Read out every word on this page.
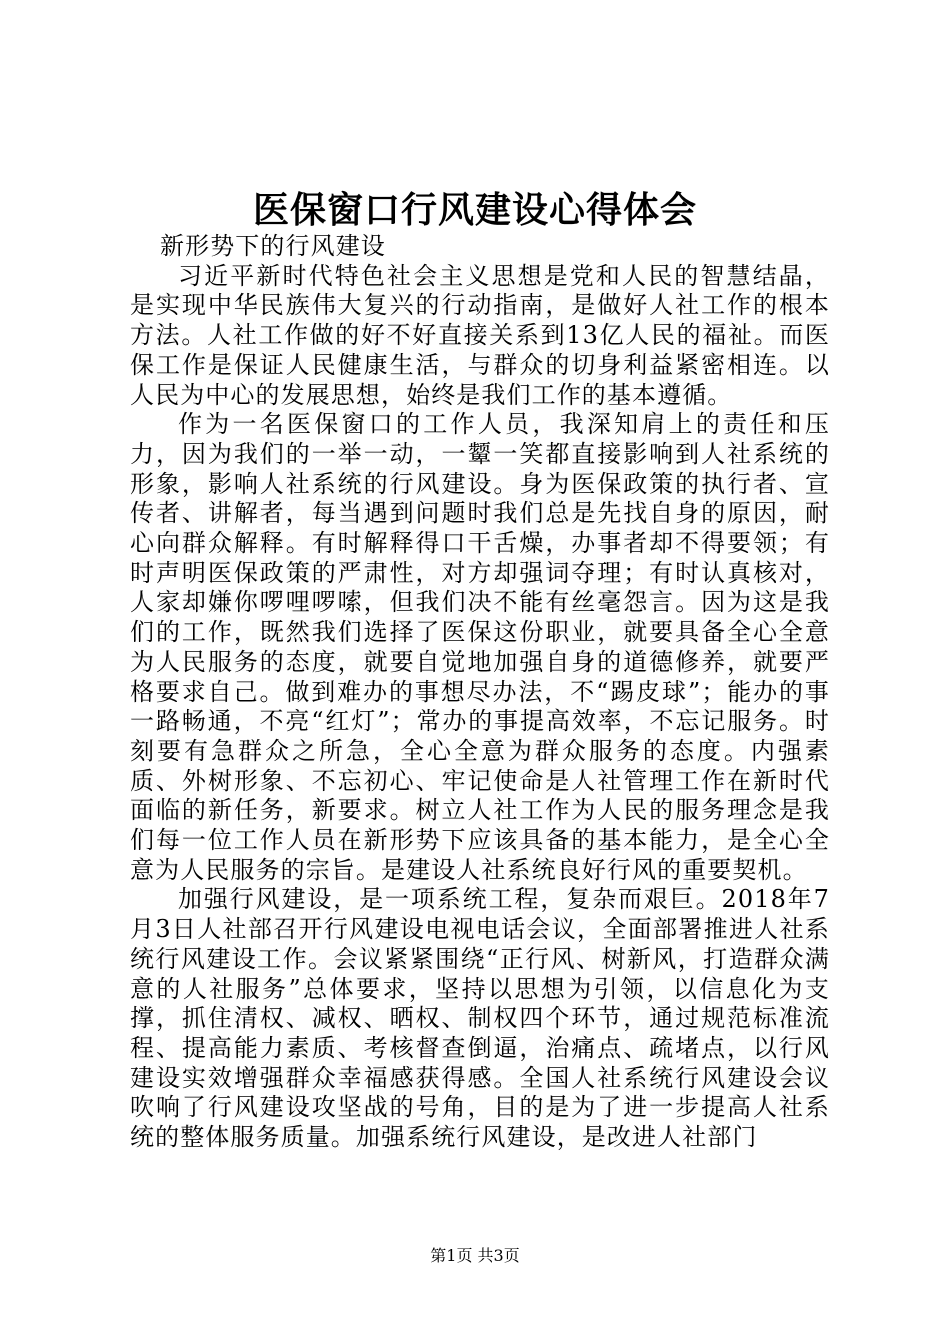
医保窗口行风建设心得体会

新形势下的行风建设

习近平新时代特色社会主义思想是党和人民的智慧结晶，是实现中华民族伟大复兴的行动指南，是做好人社工作的根本方法。人社工作做的好不好直接关系到13亿人民的福祉。而医保工作是保证人民健康生活，与群众的切身利益紧密相连。以人民为中心的发展思想，始终是我们工作的基本遵循。

作为一名医保窗口的工作人员，我深知肩上的责任和压力，因为我们的一举一动，一颦一笑都直接影响到人社系统的形象，影响人社系统的行风建设。身为医保政策的执行者、宣传者、讲解者，每当遇到问题时我们总是先找自身的原因，耐心向群众解释。有时解释得口干舌燥，办事者却不得要领；有时声明医保政策的严肃性，对方却强词夺理；有时认真核对，人家却嫌你啰哩啰嗦，但我们决不能有丝毫怨言。因为这是我们的工作，既然我们选择了医保这份职业，就要具备全心全意为人民服务的态度，就要自觉地加强自身的道德修养，就要严格要求自己。做到难办的事想尽办法，不“踢皮球”；能办的事一路畅通，不亮“红灯”；常办的事提高效率，不忘记服务。时刻要有急群众之所急，全心全意为群众服务的态度。内强素质、外树形象、不忘初心、牢记使命是人社管理工作在新时代面临的新任务，新要求。树立人社工作为人民的服务理念是我们每一位工作人员在新形势下应该具备的基本能力，是全心全意为人民服务的宗旨。是建设人社系统良好行风的重要契机。

加强行风建设，是一项系统工程，复杂而艰巨。2018年7月3日人社部召开行风建设电视电话会议，全面部署推进人社系统行风建设工作。会议紧紧围绕“正行风、树新风，打造群众满意的人社服务”总体要求，坚持以思想为引领，以信息化为支撑，抓住清权、减权、晒权、制权四个环节，通过规范标准流程、提高能力素质、考核督查倒逼，治痛点、疏堵点，以行风建设实效增强群众幸福感获得感。全国人社系统行风建设会议吹响了行风建设攻坚战的号角，目的是为了进一步提高人社系统的整体服务质量。加强系统行风建设，是改进人社部门

第1页 共3页
